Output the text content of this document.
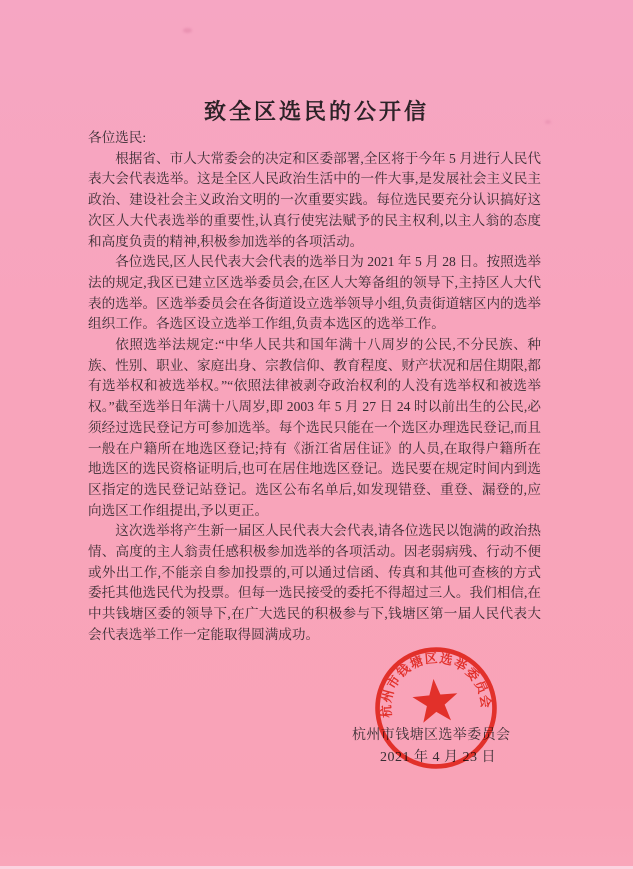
致全区选民的公开信

各位选民:

根据省、市人大常委会的决定和区委部署,全区将于今年 5 月进行人民代表大会代表选举。这是全区人民政治生活中的一件大事,是发展社会主义民主政治、建设社会主义政治文明的一次重要实践。每位选民要充分认识搞好这次区人大代表选举的重要性,认真行使宪法赋予的民主权利,以主人翁的态度和高度负责的精神,积极参加选举的各项活动。

各位选民,区人民代表大会代表的选举日为 2021 年 5 月 28 日。按照选举法的规定,我区已建立区选举委员会,在区人大筹备组的领导下,主持区人大代表的选举。区选举委员会在各街道设立选举领导小组,负责街道辖区内的选举组织工作。各选区设立选举工作组,负责本选区的选举工作。

依照选举法规定:“中华人民共和国年满十八周岁的公民,不分民族、种族、性别、职业、家庭出身、宗教信仰、教育程度、财产状况和居住期限,都有选举权和被选举权。”“依照法律被剥夺政治权利的人没有选举权和被选举权。”截至选举日年满十八周岁,即 2003 年 5 月 27 日 24 时以前出生的公民,必须经过选民登记方可参加选举。每个选民只能在一个选区办理选民登记,而且一般在户籍所在地选区登记;持有《浙江省居住证》的人员,在取得户籍所在地选区的选民资格证明后,也可在居住地选区登记。选民要在规定时间内到选区指定的选民登记站登记。选区公布名单后,如发现错登、重登、漏登的,应向选区工作组提出,予以更正。

这次选举将产生新一届区人民代表大会代表,请各位选民以饱满的政治热情、高度的主人翁责任感积极参加选举的各项活动。因老弱病残、行动不便或外出工作,不能亲自参加投票的,可以通过信函、传真和其他可查核的方式委托其他选民代为投票。但每一选民接受的委托不得超过三人。我们相信,在中共钱塘区委的领导下,在广大选民的积极参与下,钱塘区第一届人民代表大会代表选举工作一定能取得圆满成功。

杭州市钱塘区选举委员会
2021 年 4 月 23 日
杭州市钱塘区选举委员会
